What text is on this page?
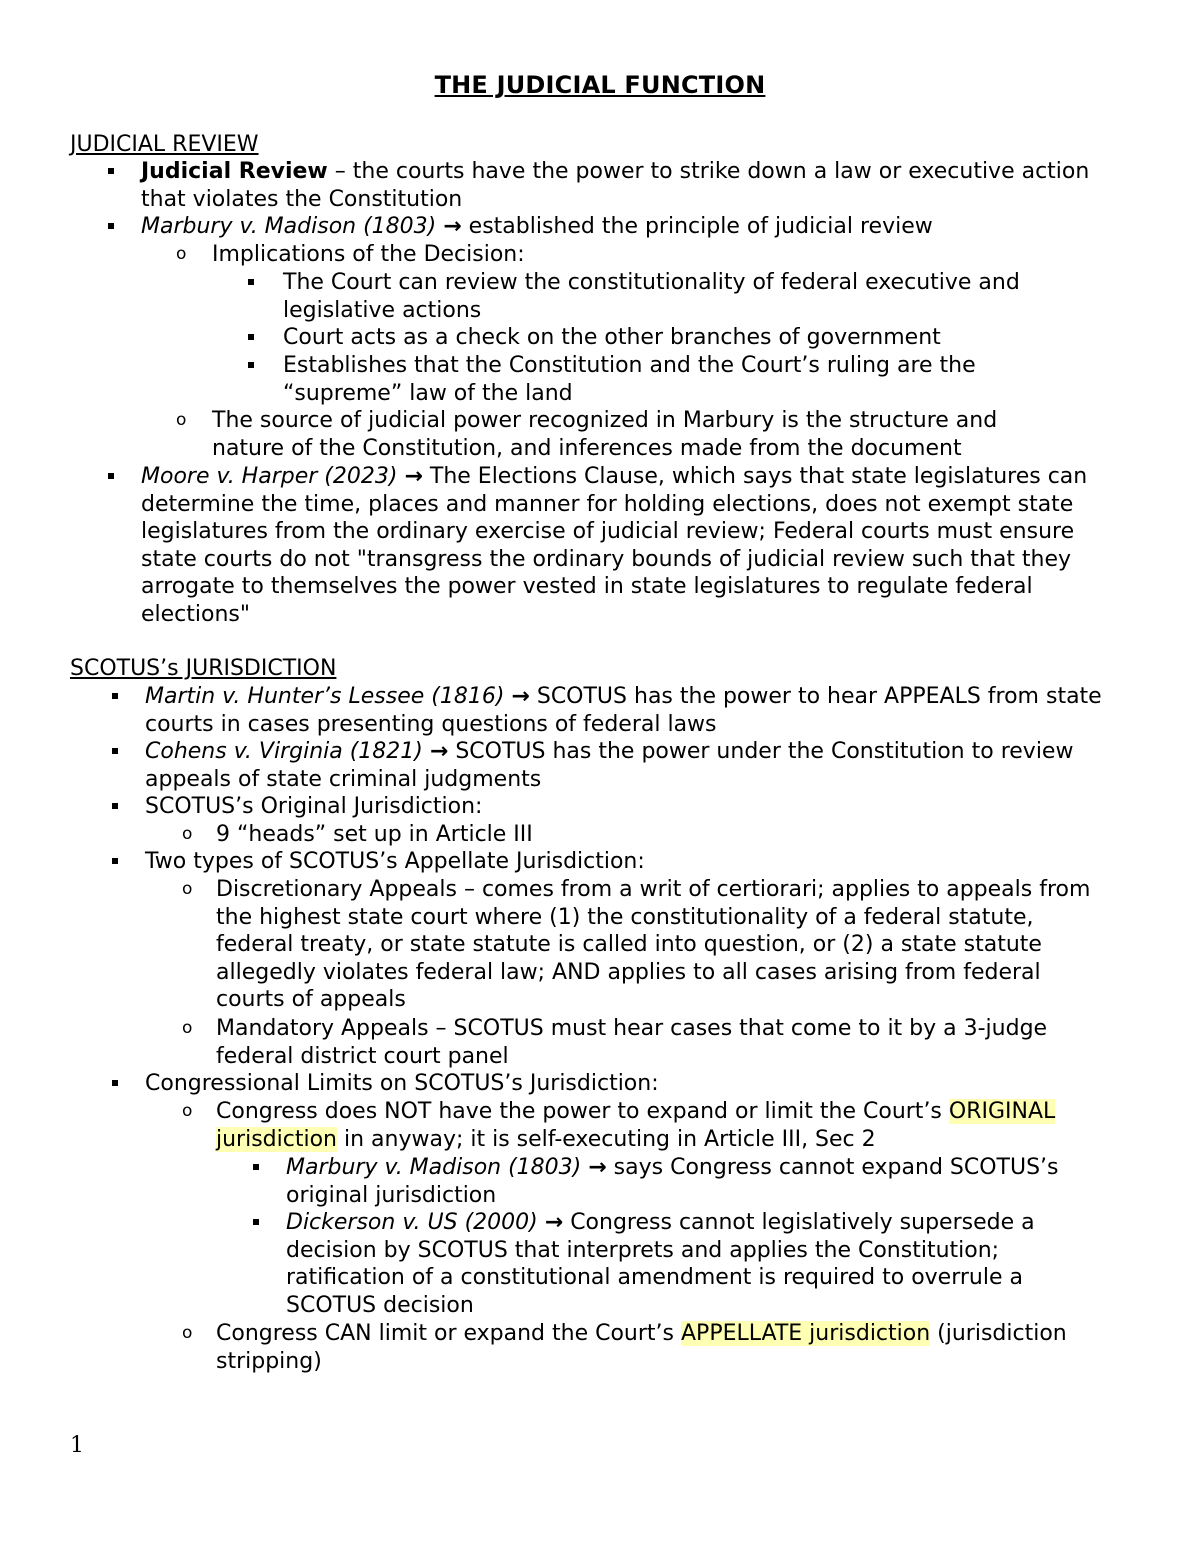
THE JUDICIAL FUNCTION
JUDICIAL REVIEW
Judicial Review – the courts have the power to strike down a law or executive action that violates the Constitution
Marbury v. Madison (1803) → established the principle of judicial review
o Implications of the Decision:
The Court can review the constitutionality of federal executive and legislative actions
Court acts as a check on the other branches of government
Establishes that the Constitution and the Court’s ruling are the “supreme” law of the land
o The source of judicial power recognized in Marbury is the structure and nature of the Constitution, and inferences made from the document
Moore v. Harper (2023) → The Elections Clause, which says that state legislatures can determine the time, places and manner for holding elections, does not exempt state legislatures from the ordinary exercise of judicial review; Federal courts must ensure state courts do not "transgress the ordinary bounds of judicial review such that they arrogate to themselves the power vested in state legislatures to regulate federal elections"
SCOTUS’s JURISDICTION
Martin v. Hunter’s Lessee (1816) → SCOTUS has the power to hear APPEALS from state courts in cases presenting questions of federal laws
Cohens v. Virginia (1821) → SCOTUS has the power under the Constitution to review appeals of state criminal judgments
SCOTUS’s Original Jurisdiction:
o 9 “heads” set up in Article III
Two types of SCOTUS’s Appellate Jurisdiction:
o Discretionary Appeals – comes from a writ of certiorari; applies to appeals from the highest state court where (1) the constitutionality of a federal statute, federal treaty, or state statute is called into question, or (2) a state statute allegedly violates federal law; AND applies to all cases arising from federal courts of appeals
o Mandatory Appeals – SCOTUS must hear cases that come to it by a 3-judge federal district court panel
Congressional Limits on SCOTUS’s Jurisdiction:
o Congress does NOT have the power to expand or limit the Court’s ORIGINAL jurisdiction in anyway; it is self-executing in Article III, Sec 2
Marbury v. Madison (1803) → says Congress cannot expand SCOTUS’s original jurisdiction
Dickerson v. US (2000) → Congress cannot legislatively supersede a decision by SCOTUS that interprets and applies the Constitution; ratification of a constitutional amendment is required to overrule a SCOTUS decision
o Congress CAN limit or expand the Court’s APPELLATE jurisdiction (jurisdiction stripping)
1
